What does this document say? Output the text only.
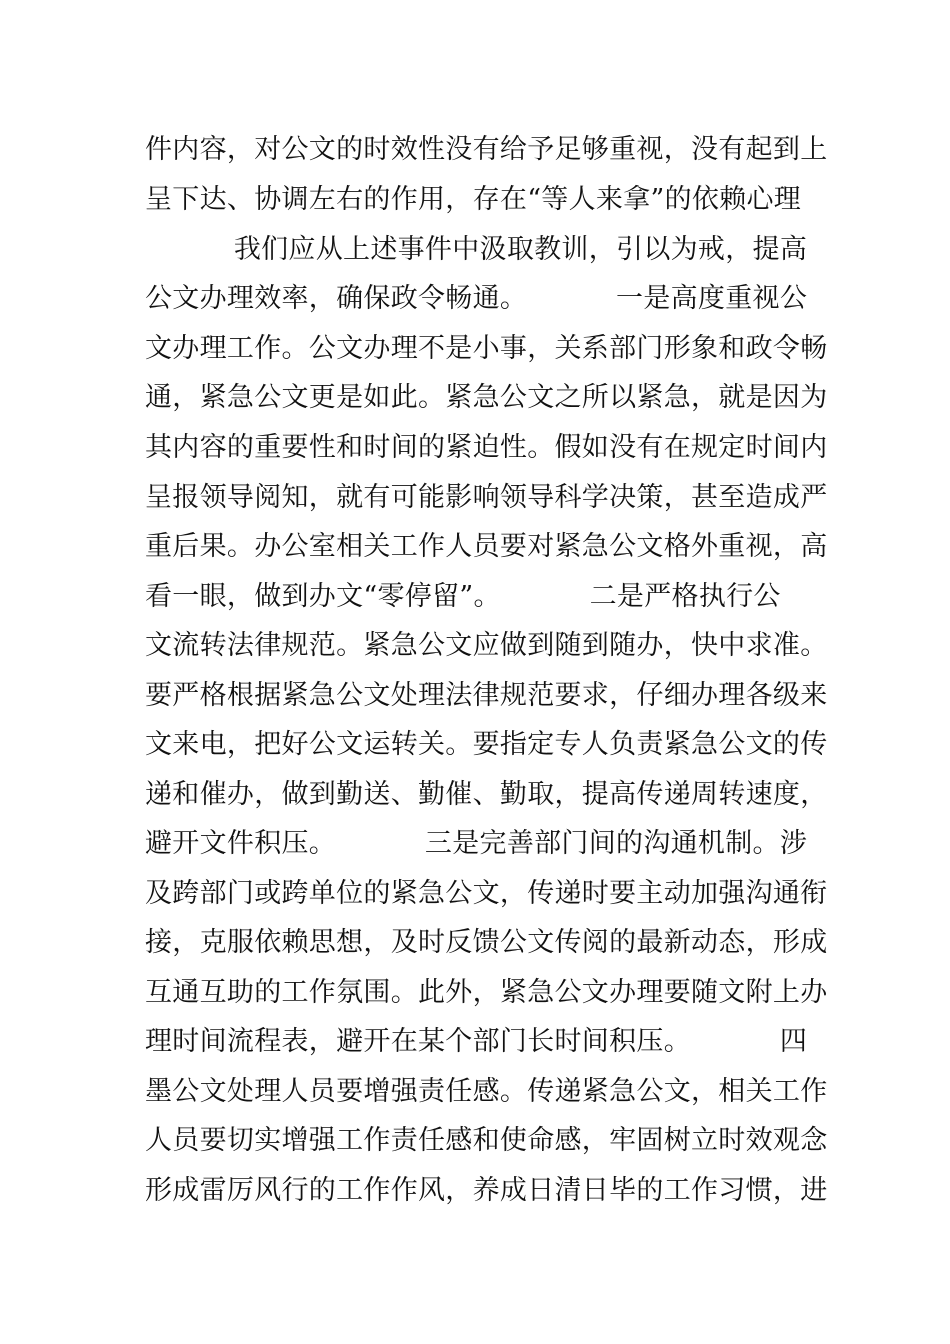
件内容，对公文的时效性没有给予足够重视，没有起到上
呈下达、协调左右的作用，存在“等人来拿”的依赖心理
我们应从上述事件中汲取教训，引以为戒，提高
公文办理效率，确保政令畅通。          一是高度重视公
文办理工作。公文办理不是小事，关系部门形象和政令畅
通，紧急公文更是如此。紧急公文之所以紧急，就是因为
其内容的重要性和时间的紧迫性。假如没有在规定时间内
呈报领导阅知，就有可能影响领导科学决策，甚至造成严
重后果。办公室相关工作人员要对紧急公文格外重视，高
看一眼，做到办文“零停留”。          二是严格执行公
文流转法律规范。紧急公文应做到随到随办，快中求准。
要严格根据紧急公文处理法律规范要求，仔细办理各级来
文来电，把好公文运转关。要指定专人负责紧急公文的传
递和催办，做到勤送、勤催、勤取，提高传递周转速度，
避开文件积压。          三是完善部门间的沟通机制。涉
及跨部门或跨单位的紧急公文，传递时要主动加强沟通衔
接，克服依赖思想，及时反馈公文传阅的最新动态，形成
互通互助的工作氛围。此外，紧急公文办理要随文附上办
理时间流程表，避开在某个部门长时间积压。          四
墨公文处理人员要增强责任感。传递紧急公文，相关工作
人员要切实增强工作责任感和使命感，牢固树立时效观念
形成雷厉风行的工作作风，养成日清日毕的工作习惯，进
